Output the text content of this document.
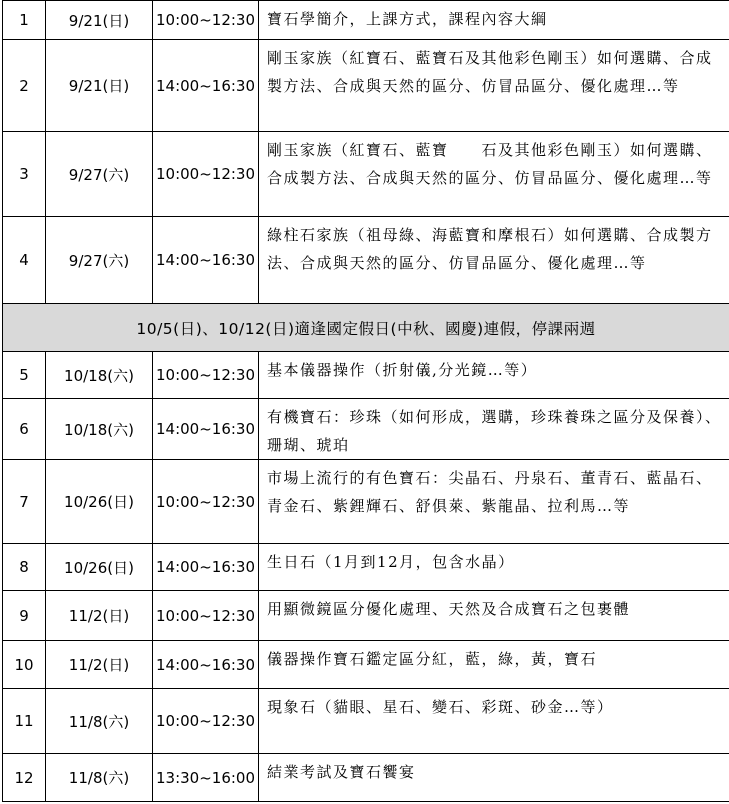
1	9/21(日)	10:00~12:30	寶石學簡介，上課方式，課程內容大綱
2	9/21(日)	14:00~16:30	剛玉家族（紅寶石、藍寶石及其他彩色剛玉）如何選購、合成製方法、合成與天然的區分、仿冒品區分、優化處理…等
3	9/27(六)	10:00~12:30	剛玉家族（紅寶石、藍寶　　石及其他彩色剛玉）如何選購、合成製方法、合成與天然的區分、仿冒品區分、優化處理…等
4	9/27(六)	14:00~16:30	綠柱石家族（祖母綠、海藍寶和摩根石）如何選購、合成製方法、合成與天然的區分、仿冒品區分、優化處理…等
10/5(日)、10/12(日)適逢國定假日(中秋、國慶)連假，停課兩週			
5	10/18(六)	10:00~12:30	基本儀器操作（折射儀,分光鏡…等）
6	10/18(六)	14:00~16:30	有機寶石：珍珠（如何形成，選購，珍珠養珠之區分及保養）、珊瑚、琥珀
7	10/26(日)	10:00~12:30	市場上流行的有色寶石：尖晶石、丹泉石、董青石、藍晶石、青金石、紫鋰輝石、舒俱萊、紫龍晶、拉利馬…等
8	10/26(日)	14:00~16:30	生日石（1月到12月，包含水晶）
9	11/2(日)	10:00~12:30	用顯微鏡區分優化處理、天然及合成寶石之包裹體
10	11/2(日)	14:00~16:30	儀器操作寶石鑑定區分紅，藍，綠，黃，寶石
11	11/8(六)	10:00~12:30	現象石（貓眼、星石、變石、彩斑、砂金…等）
12	11/8(六)	13:30~16:00	結業考試及寶石饗宴
